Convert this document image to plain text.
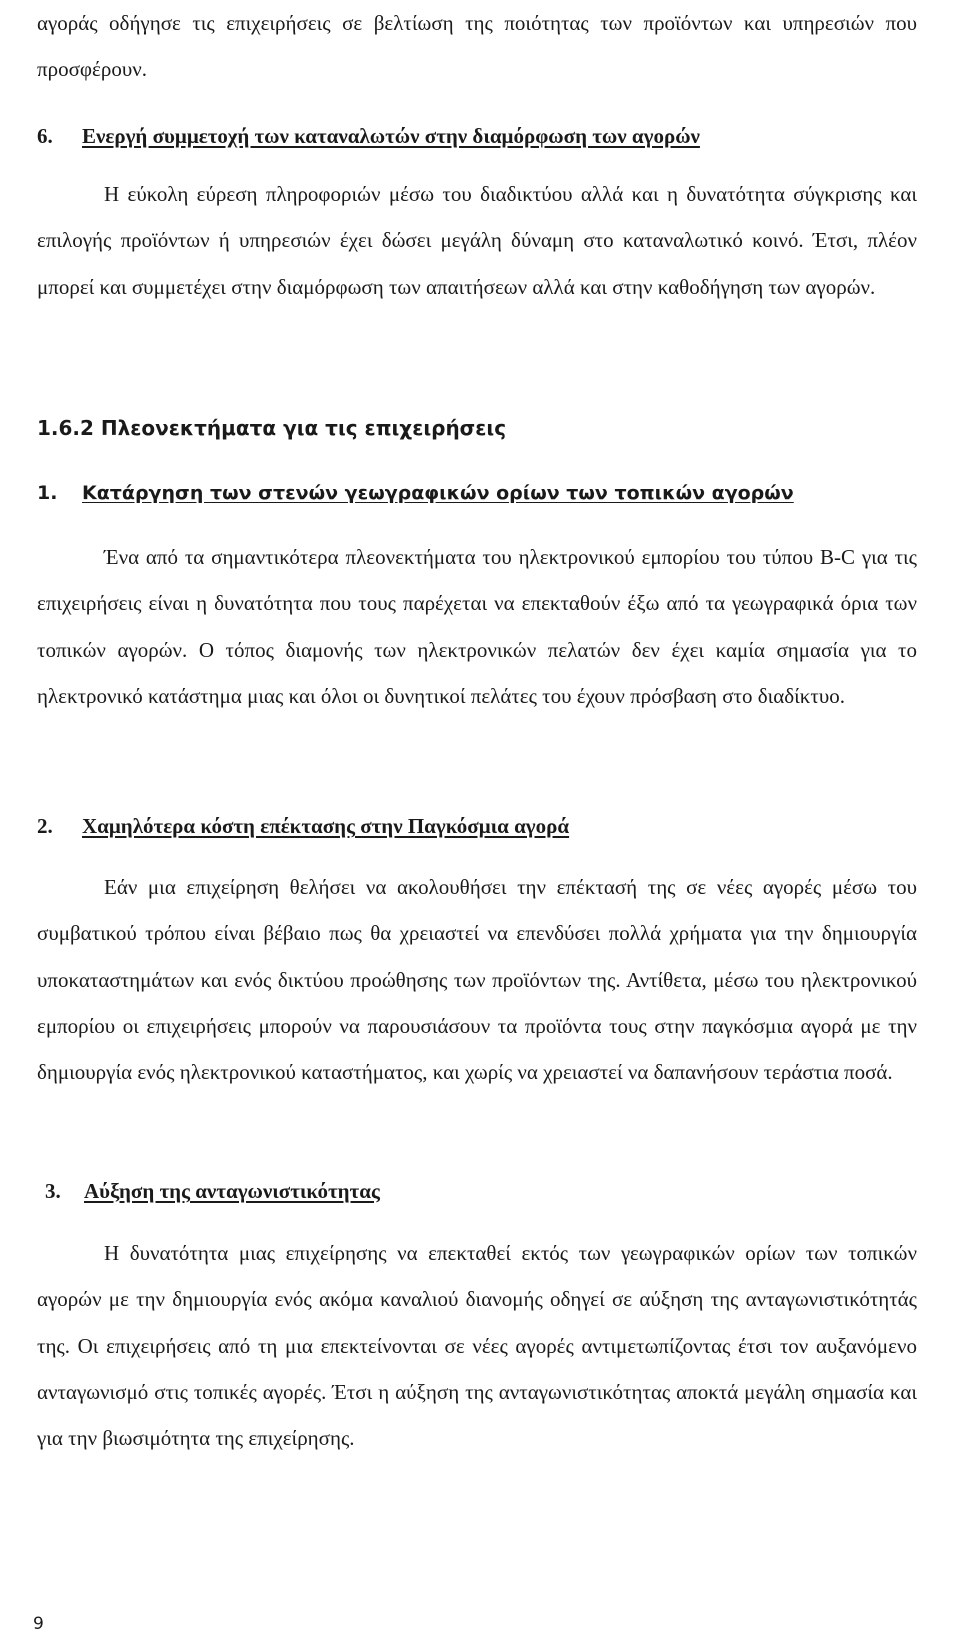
αγοράς οδήγησε τις επιχειρήσεις σε βελτίωση της ποιότητας των προϊόντων και υπηρεσιών που προσφέρουν.

6. Ενεργή συμμετοχή των καταναλωτών στην διαμόρφωση των αγορών

Η εύκολη εύρεση πληροφοριών μέσω του διαδικτύου αλλά και η δυνατότητα σύγκρισης και επιλογής προϊόντων ή υπηρεσιών έχει δώσει μεγάλη δύναμη στο καταναλωτικό κοινό. Έτσι, πλέον μπορεί και συμμετέχει στην διαμόρφωση των απαιτήσεων αλλά και στην καθοδήγηση των αγορών.

1.6.2 Πλεονεκτήματα για τις επιχειρήσεις
1. Κατάργηση των στενών γεωγραφικών ορίων των τοπικών αγορών

Ένα από τα σημαντικότερα πλεονεκτήματα του ηλεκτρονικού εμπορίου του τύπου B-C για τις επιχειρήσεις είναι η δυνατότητα που τους παρέχεται να επεκταθούν έξω από τα γεωγραφικά όρια των τοπικών αγορών. Ο τόπος διαμονής των ηλεκτρονικών πελατών δεν έχει καμία σημασία για το ηλεκτρονικό κατάστημα μιας και όλοι οι δυνητικοί πελάτες του έχουν πρόσβαση στο διαδίκτυο.

2. Χαμηλότερα κόστη επέκτασης στην Παγκόσμια αγορά

Εάν μια επιχείρηση θελήσει να ακολουθήσει την επέκτασή της σε νέες αγορές μέσω του συμβατικού τρόπου είναι βέβαιο πως θα χρειαστεί να επενδύσει πολλά χρήματα για την δημιουργία υποκαταστημάτων και ενός δικτύου προώθησης των προϊόντων της. Αντίθετα, μέσω του ηλεκτρονικού εμπορίου οι επιχειρήσεις μπορούν να παρουσιάσουν τα προϊόντα τους στην παγκόσμια αγορά με την δημιουργία ενός ηλεκτρονικού καταστήματος, και χωρίς να χρειαστεί να δαπανήσουν τεράστια ποσά.

3. Αύξηση της ανταγωνιστικότητας

Η δυνατότητα μιας επιχείρησης να επεκταθεί εκτός των γεωγραφικών ορίων των τοπικών αγορών με την δημιουργία ενός ακόμα καναλιού διανομής οδηγεί σε αύξηση της ανταγωνιστικότητάς της. Οι επιχειρήσεις από τη μια επεκτείνονται σε νέες αγορές αντιμετωπίζοντας έτσι τον αυξανόμενο ανταγωνισμό στις τοπικές αγορές. Έτσι η αύξηση της ανταγωνιστικότητας αποκτά μεγάλη σημασία και για την βιωσιμότητα της επιχείρησης.

9
